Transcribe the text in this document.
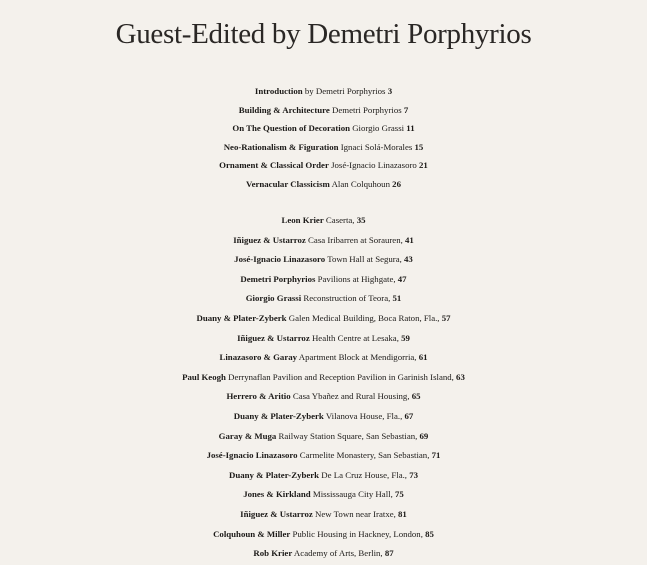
Guest-Edited by Demetri Porphyrios
Introduction by Demetri Porphyrios 3
Building & Architecture Demetri Porphyrios 7
On The Question of Decoration Giorgio Grassi 11
Neo-Rationalism & Figuration Ignaci Solá-Morales 15
Ornament & Classical Order José-Ignacio Linazasoro 21
Vernacular Classicism Alan Colquhoun 26
Leon Krier Caserta, 35
Iñiguez & Ustarroz Casa Iribarren at Sorauren, 41
José-Ignacio Linazasoro Town Hall at Segura, 43
Demetri Porphyrios Pavilions at Highgate, 47
Giorgio Grassi Reconstruction of Teora, 51
Duany & Plater-Zyberk Galen Medical Building, Boca Raton, Fla., 57
Iñiguez & Ustarroz Health Centre at Lesaka, 59
Linazasoro & Garay Apartment Block at Mendigorria, 61
Paul Keogh Derrynaflan Pavilion and Reception Pavilion in Garinish Island, 63
Herrero & Aritio Casa Ybañez and Rural Housing, 65
Duany & Plater-Zyberk Vilanova House, Fla., 67
Garay & Muga Railway Station Square, San Sebastian, 69
José-Ignacio Linazasoro Carmelite Monastery, San Sebastian, 71
Duany & Plater-Zyberk De La Cruz House, Fla., 73
Jones & Kirkland Mississauga City Hall, 75
Iñiguez & Ustarroz New Town near Iratxe, 81
Colquhoun & Miller Public Housing in Hackney, London, 85
Rob Krier Academy of Arts, Berlin, 87
